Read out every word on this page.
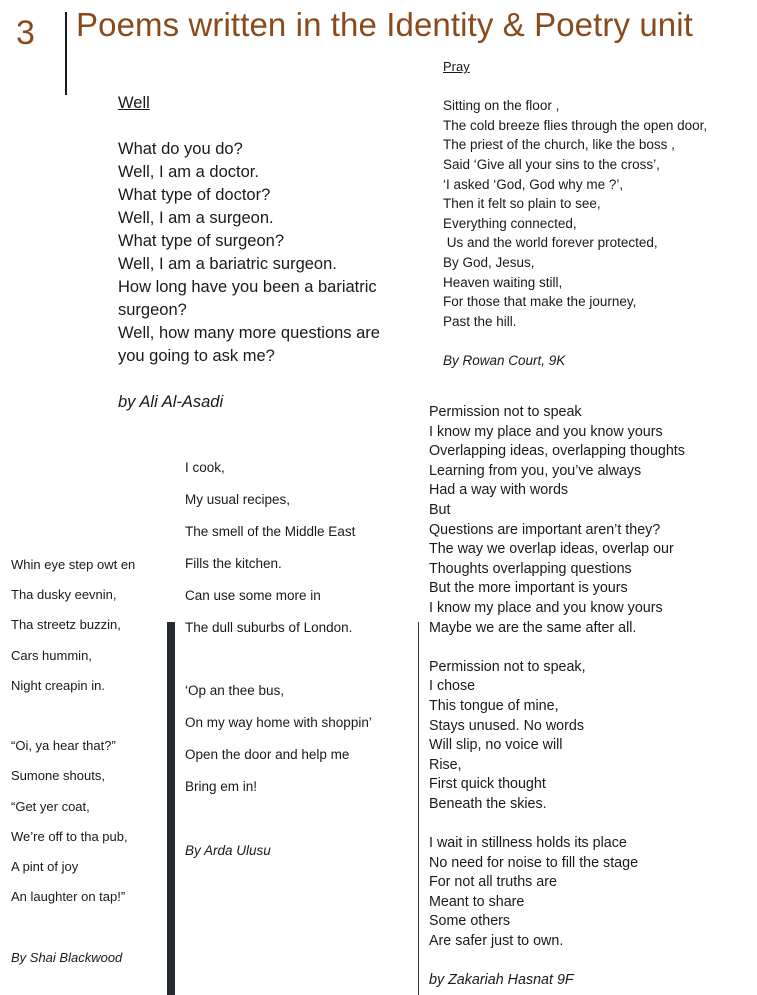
3 Poems written in the Identity & Poetry unit
Well
What do you do?
Well, I am a doctor.
What type of doctor?
Well, I am a surgeon.
What type of surgeon?
Well, I am a bariatric surgeon.
How long have you been a bariatric
surgeon?
Well, how many more questions are
you going to ask me?
by Ali Al-Asadi
Pray
Sitting on the floor ,
The cold breeze flies through the open door,
The priest of the church, like the boss ,
Said ‘Give all your sins to the cross’,
‘I asked ‘God, God why me ?’,
Then it felt so plain to see,
Everything connected,
Us and the world forever protected,
By God, Jesus,
Heaven waiting still,
For those that make the journey,
Past the hill.
By Rowan Court, 9K
Permission not to speak
I know my place and you know yours
Overlapping ideas, overlapping thoughts
Learning from you, you’ve always
Had a way with words
But
Questions are important aren’t they?
The way we overlap ideas, overlap our
Thoughts overlapping questions
But the more important is yours
I know my place and you know yours
Maybe we are the same after all.
Permission not to speak,
I chose
This tongue of mine,
Stays unused. No words
Will slip, no voice will
Rise,
First quick thought
Beneath the skies.
I wait in stillness holds its place
No need for noise to fill the stage
For not all truths are
Meant to share
Some others
Are safer just to own.
by Zakariah Hasnat 9F
I cook,
My usual recipes,
The smell of the Middle East
Fills the kitchen.
Can use some more in
The dull suburbs of London.
‘Op an thee bus,
On my way home with shoppin’
Open the door and help me
Bring em in!
By Arda Ulusu
Whin eye step owt en
Tha dusky eevnin,
Tha streetz buzzin,
Cars hummin,
Night creapin in.
“Oi, ya hear that?”
Sumone shouts,
“Get yer coat,
We’re off to tha pub,
A pint of joy
An laughter on tap!”
By Shai Blackwood
